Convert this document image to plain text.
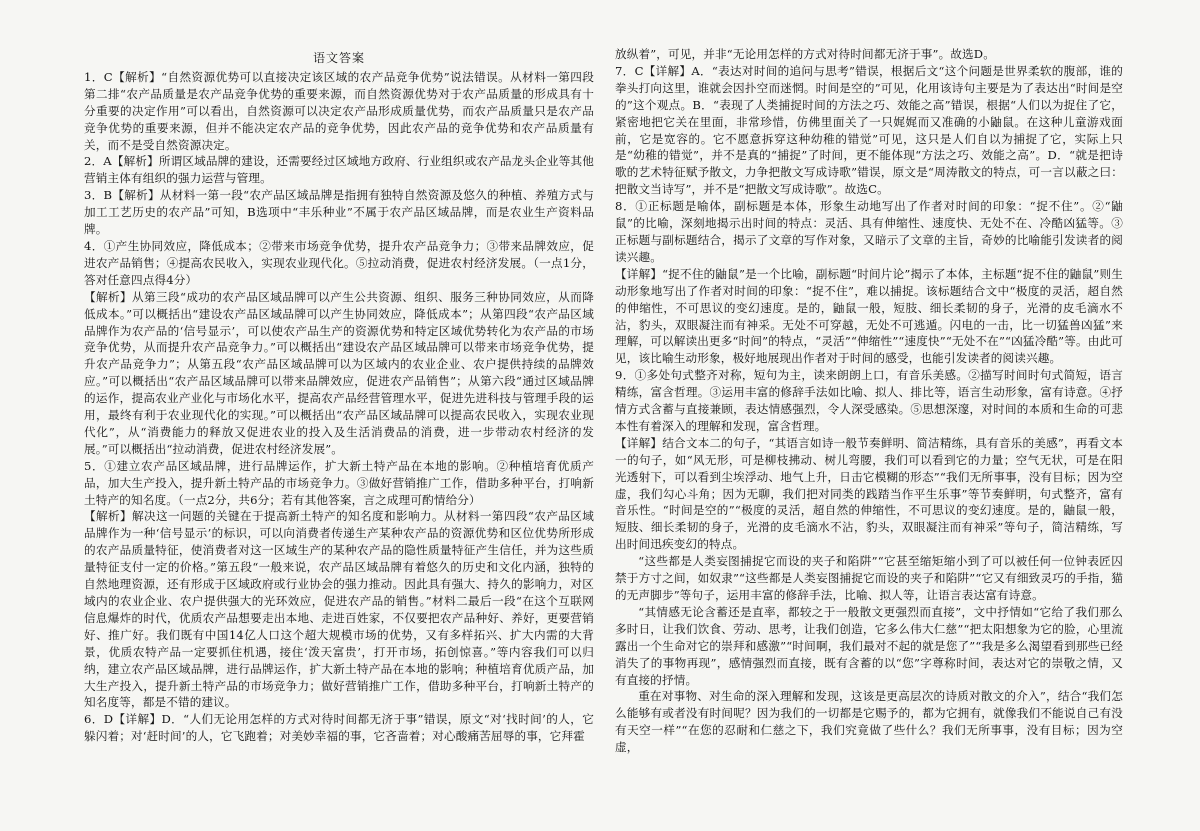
语文答案

1．C【解析】“自然资源优势可以直接决定该区域的农产品竞争优势”说法错误。从材料一第四段第二排“农产品质量是农产品竞争优势的重要来源，而自然资源优势对于农产品质量的形成具有十分重要的决定作用”可以看出，自然资源可以决定农产品形成质量优势，而农产品质量只是农产品竞争优势的重要来源，但并不能决定农产品的竞争优势，因此农产品的竞争优势和农产品质量有关，而不是受自然资源决定。

2．A【解析】所谓区域品牌的建设，还需要经过区域地方政府、行业组织或农产品龙头企业等其他营销主体有组织的强力运营与管理。

3．B【解析】从材料一第一段“农产品区域品牌是指拥有独特自然资源及悠久的种植、养殖方式与加工工艺历史的农产品”可知，B选项中“丰乐种业”不属于农产品区域品牌，而是农业生产资料品牌。

4．①产生协同效应，降低成本；②带来市场竞争优势，提升农产品竞争力；③带来品牌效应，促进农产品销售；④提高农民收入，实现农业现代化。⑤拉动消费，促进农村经济发展。（一点1分，答对任意四点得4分）

【解析】从第三段“成功的农产品区域品牌可以产生公共资源、组织、服务三种协同效应，从而降低成本。”可以概括出“建设农产品区域品牌可以产生协同效应，降低成本”；从第四段“农产品区域品牌作为农产品的‘信号显示’，可以使农产品生产的资源优势和特定区域优势转化为农产品的市场竞争优势，从而提升农产品竞争力。”可以概括出“建设农产品区域品牌可以带来市场竞争优势，提升农产品竞争力”；从第五段“农产品区域品牌可以为区域内的农业企业、农户提供持续的品牌效应。”可以概括出“农产品区域品牌可以带来品牌效应，促进农产品销售”；从第六段“通过区域品牌的运作，提高农业产业化与市场化水平，提高农产品经营管理水平，促进先进科技与管理手段的运用，最终有利于农业现代化的实现。”可以概括出“农产品区域品牌可以提高农民收入，实现农业现代化”，从“消费能力的释放又促进农业的投入及生活消费品的消费，进一步带动农村经济的发展。”可以概括出“拉动消费，促进农村经济发展”。

5．①建立农产品区域品牌，进行品牌运作，扩大新土特产品在本地的影响。②种植培育优质产品，加大生产投入，提升新土特产品的市场竞争力。③做好营销推广工作，借助多种平台，打响新土特产的知名度。（一点2分，共6分；若有其他答案，言之成理可酌情给分）

【解析】解决这一问题的关键在于提高新土特产的知名度和影响力。从材料一第四段“农产品区域品牌作为一种‘信号显示’的标识，可以向消费者传递生产某种农产品的资源优势和区位优势所形成的农产品质量特征，使消费者对这一区域生产的某种农产品的隐性质量特征产生信任，并为这些质量特征支付一定的价格。”第五段“一般来说，农产品区域品牌有着悠久的历史和文化内涵，独特的自然地理资源，还有形成于区域政府或行业协会的强力推动。因此具有强大、持久的影响力，对区域内的农业企业、农户提供强大的光环效应，促进农产品的销售。”材料二最后一段“在这个互联网信息爆炸的时代，优质农产品想要走出本地、走进百姓家，不仅要把农产品种好、养好，更要营销好、推广好。我们既有中国14亿人口这个超大规模市场的优势，又有多样拓兴、扩大内需的大背景，优质农特产品一定要抓住机遇，接住‘泼天富贵’，打开市场，拓创惊喜。”等内容我们可以归纳，建立农产品区域品牌，进行品牌运作，扩大新土特产品在本地的影响；种植培育优质产品，加大生产投入，提升新土特产品的市场竞争力；做好营销推广工作，借助多种平台，打响新土特产的知名度等，都是不错的建议。

6．D【详解】D．“人们无论用怎样的方式对待时间都无济于事”错误，原文“对‘找时间’的人，它躲闪着；对‘赶时间’的人，它飞跑着；对美妙幸福的事，它吝啬着；对心酸痛苦屈辱的事，它拜霍

放纵着”，可见，并非“无论用怎样的方式对待时间都无济于事”。故选D。

7．C【详解】A．“表达对时间的追问与思考”错误，根据后文“这个问题是世界柔软的腹部，谁的拳头打向这里，谁就会因扑空而迷惘。时间是空的”可见，化用该诗句主要是为了表达出“时间是空的”这个观点。B．“表现了人类捕捉时间的方法之巧、效能之高”错误，根据“人们以为捉住了它，紧密地把它关在里面，非常珍惜，仿佛里面关了一只娓娓而又准确的小鼬鼠。在这种儿童游戏面前，它是宽容的。它不愿意拆穿这种幼稚的错觉”可见，这只是人们自以为捕捉了它，实际上只是“幼稚的错觉”，并不是真的“捕捉”了时间，更不能体现“方法之巧、效能之高”。D．“就是把诗歌的艺术特征赋予散文，力争把散文写成诗歌”错误，原文是“周涛散文的特点，可一言以蔽之曰：把散文当诗写”，并不是“把散文写成诗歌”。故选C。

8．①正标题是喻体，副标题是本体，形象生动地写出了作者对时间的印象：“捉不住”。②“鼬鼠”的比喻，深刻地揭示出时间的特点：灵活、具有伸缩性、速度快、无处不在、冷酷凶猛等。③正标题与副标题结合，揭示了文章的写作对象，又暗示了文章的主旨，奇妙的比喻能引发读者的阅读兴趣。

【详解】“捉不住的鼬鼠”是一个比喻，副标题“时间片论”揭示了本体，主标题“捉不住的鼬鼠”则生动形象地写出了作者对时间的印象：“捉不住”，难以捕捉。该标题结合文中“极度的灵活，超自然的伸缩性，不可思议的变幻速度。是的，鼬鼠一般，短肢、细长柔韧的身子，光滑的皮毛滴水不沾，豹头，双眼凝注而有神采。无处不可穿越，无处不可逃遁。闪电的一击，比一切猛兽凶猛”来理解，可以解读出更多“时间”的特点，“灵活”“伸缩性”“速度快”“无处不在”“凶猛冷酷”等。由此可见，该比喻生动形象，极好地展现出作者对于时间的感受，也能引发读者的阅读兴趣。

9．①多处句式整齐对称，短句为主，读来朗朗上口，有音乐美感。②描写时间时句式简短，语言精练，富含哲理。③运用丰富的修辞手法如比喻、拟人、排比等，语言生动形象，富有诗意。④抒情方式含蓄与直接兼顾，表达情感强烈，令人深受感染。⑤思想深邃，对时间的本质和生命的可悲本性有着深入的理解和发现，富含哲理。

【详解】结合文本二的句子，“其语言如诗一般节奏鲜明、简洁精练，具有音乐的美感”，再看文本一的句子，如“风无形，可是柳枝拂动、树儿弯腰，我们可以看到它的力量；空气无状，可是在阳光透射下，可以看到尘埃浮动、地气上升，日击它模糊的形态”“我们无所事事，没有目标；因为空虚，我们勾心斗角；因为无聊，我们把对同类的践踏当作平生乐事”等节奏鲜明，句式整齐，富有音乐性。“时间是空的”“极度的灵活，超自然的伸缩性，不可思议的变幻速度。是的，鼬鼠一般，短肢、细长柔韧的身子，光滑的皮毛滴水不沾，豹头，双眼凝注而有神采”等句子，简洁精练，写出时间迅疾变幻的特点。

“这些都是人类妄图捕捉它而设的夹子和陷阱”“它甚至缩矩缩小到了可以被任何一位钟表匠囚禁于方寸之间，如奴隶”“这些都是人类妄图捕捉它而设的夹子和陷阱”“它又有细致灵巧的手指，猫的无声脚步”等句子，运用丰富的修辞手法，比喻、拟人等，让语言表达富有诗意。

“其情感无论含蓄还是直率，都较之于一般散文更强烈而直接”，文中抒情如“它给了我们那么多时日，让我们饮食、劳动、思考，让我们创造，它多么伟大仁慈”“把太阳想象为它的脸，心里流露出一个生命对它的崇拜和感激”“时间啊，我们最对不起的就是您了”“我是多么渴望看到那些已经消失了的事物再现”，感情强烈而直接，既有含蓄的以“您”字尊称时间，表达对它的崇敬之情，又有直接的抒情。

重在对事物、对生命的深入理解和发现，这该是更高层次的诗质对散文的介入”，结合“我们怎么能够有或者没有时间呢？因为我们的一切都是它赐予的，都为它拥有，就像我们不能说自己有没有天空一样”“在您的忍耐和仁慈之下，我们究竟做了些什么？我们无所事事，没有目标；因为空虚，
